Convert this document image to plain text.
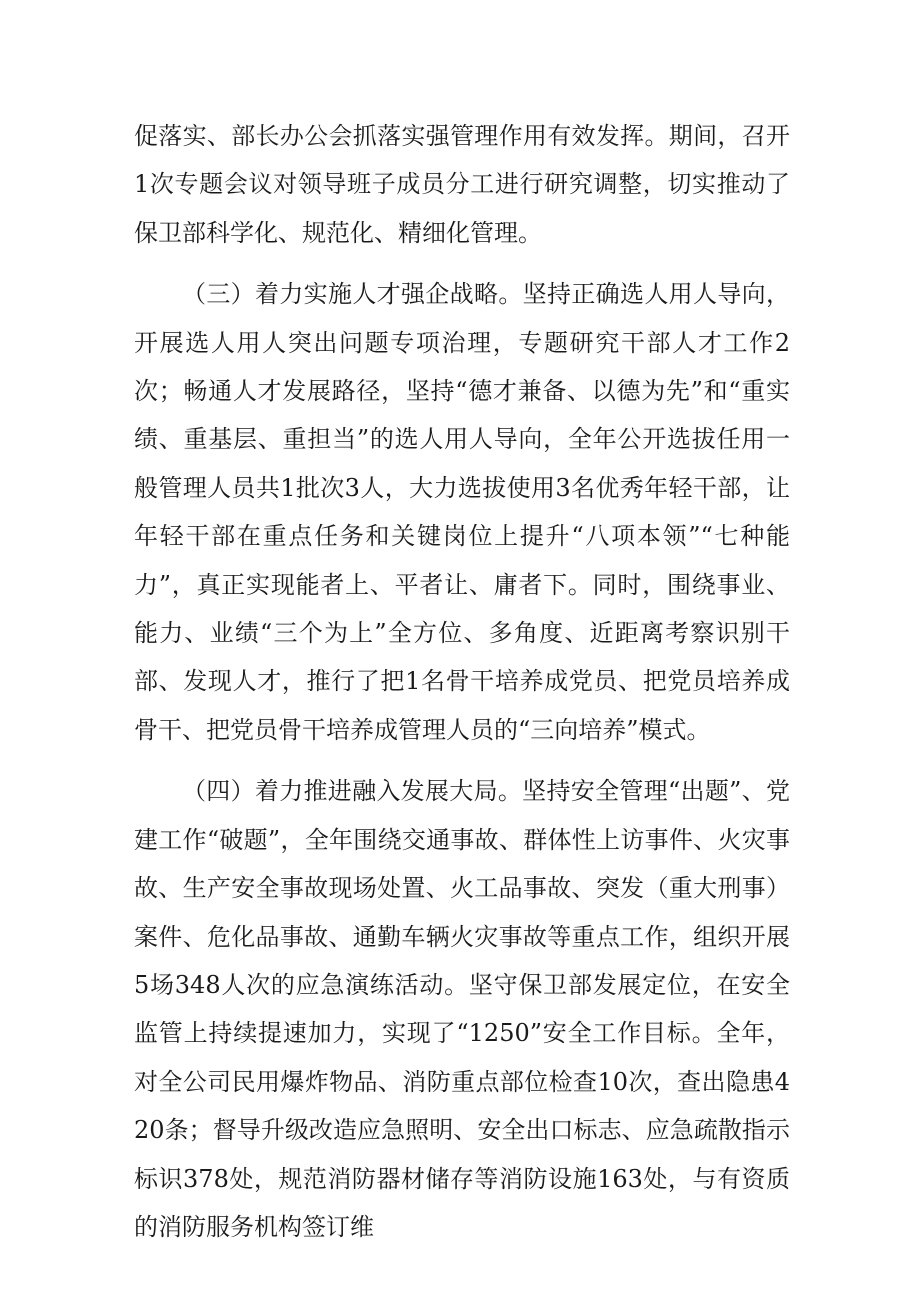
促落实、部长办公会抓落实强管理作用有效发挥。期间，召开1次专题会议对领导班子成员分工进行研究调整，切实推动了保卫部科学化、规范化、精细化管理。

（三）着力实施人才强企战略。坚持正确选人用人导向，开展选人用人突出问题专项治理，专题研究干部人才工作2次；畅通人才发展路径，坚持“德才兼备、以德为先”和“重实绩、重基层、重担当”的选人用人导向，全年公开选拔任用一般管理人员共1批次3人，大力选拔使用3名优秀年轻干部，让年轻干部在重点任务和关键岗位上提升“八项本领”“七种能力”，真正实现能者上、平者让、庸者下。同时，围绕事业、能力、业绩“三个为上”全方位、多角度、近距离考察识别干部、发现人才，推行了把1名骨干培养成党员、把党员培养成骨干、把党员骨干培养成管理人员的“三向培养”模式。

（四）着力推进融入发展大局。坚持安全管理“出题”、党建工作“破题”，全年围绕交通事故、群体性上访事件、火灾事故、生产安全事故现场处置、火工品事故、突发（重大刑事）案件、危化品事故、通勤车辆火灾事故等重点工作，组织开展5场348人次的应急演练活动。坚守保卫部发展定位，在安全监管上持续提速加力，实现了“1250”安全工作目标。全年，对全公司民用爆炸物品、消防重点部位检查10次，查出隐患420条；督导升级改造应急照明、安全出口标志、应急疏散指示标识378处，规范消防器材储存等消防设施163处，与有资质的消防服务机构签订维
